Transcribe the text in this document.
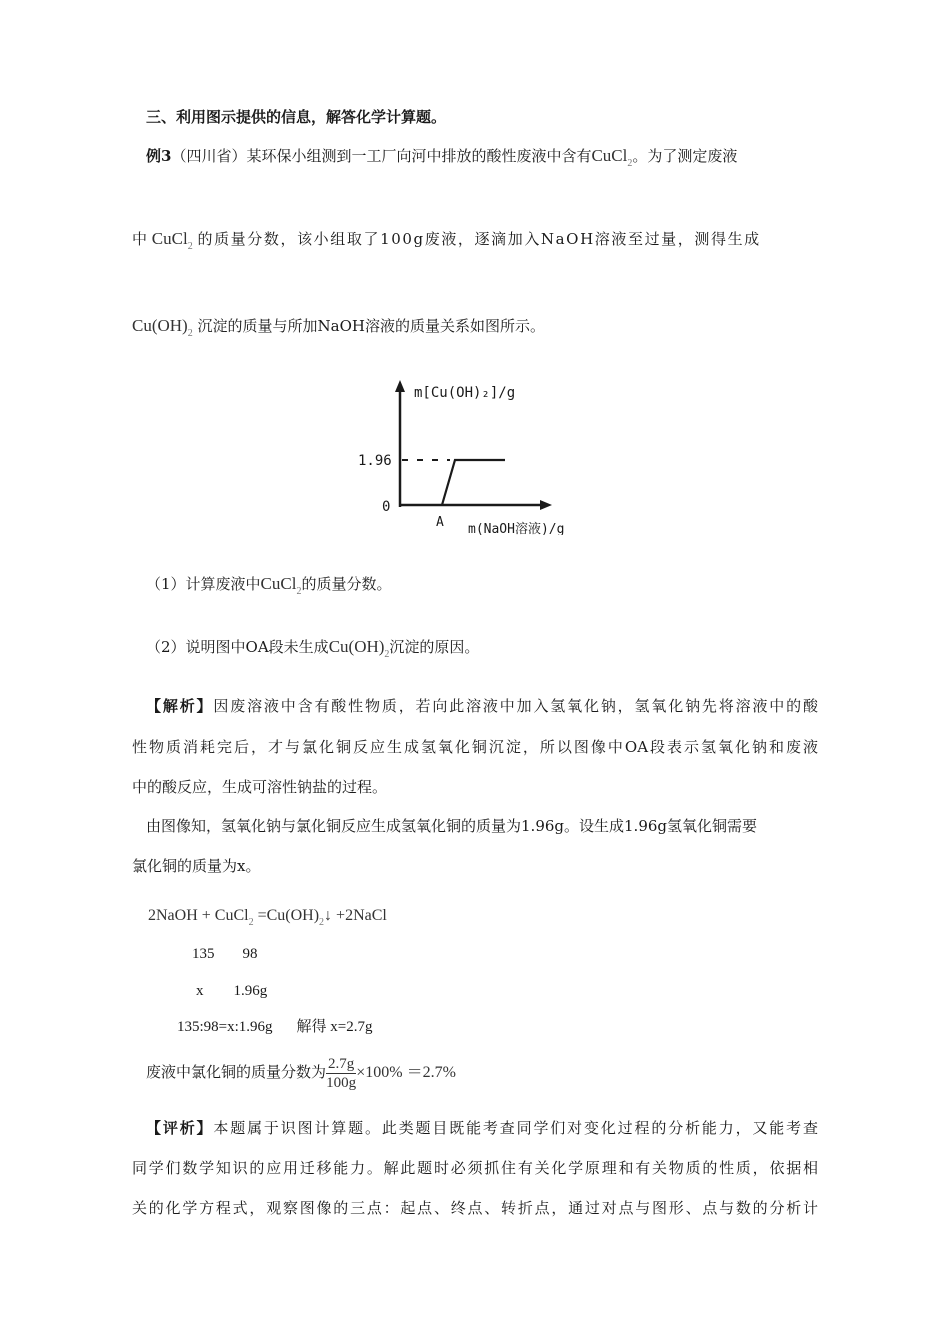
三、利用图示提供的信息，解答化学计算题。
例3（四川省）某环保小组测到一工厂向河中排放的酸性废液中含有CuCl$_2$。为了测定废液
中 CuCl$_2$ 的质量分数，该小组取了100g废液，逐滴加入NaOH溶液至过量，测得生成
$Cu(OH)_2$ 沉淀的质量与所加NaOH溶液的质量关系如图所示。
m[Cu(OH)₂]/g
1.96
0
A m(NaOH溶液)/g
（1）计算废液中CuCl$_2$的质量分数。
（2）说明图中OA段未生成$Cu(OH)_2$沉淀的原因。
【解析】因废溶液中含有酸性物质，若向此溶液中加入氢氧化钠，氢氧化钠先将溶液中的酸
性物质消耗完后，才与氯化铜反应生成氢氧化铜沉淀，所以图像中OA段表示氢氧化钠和废液
中的酸反应，生成可溶性钠盐的过程。
由图像知，氢氧化钠与氯化铜反应生成氢氧化铜的质量为1.96g。设生成1.96g氢氧化铜需要
氯化铜的质量为x。
2NaOH + CuCl$_2$ $=Cu(OH)_2↓$ +2NaCl
135 98
x 1.96g
135:98=x:1.96g 解得 x=2.7g
废液中氯化铜的质量分数为 $\frac{2.7g}{100g} \times 100\% =2.7\%$
【评析】本题属于识图计算题。此类题目既能考查同学们对变化过程的分析能力，又能考查
同学们数学知识的应用迁移能力。解此题时必须抓住有关化学原理和有关物质的性质，依据相
关的化学方程式，观察图像的三点：起点、终点、转折点，通过对点与图形、点与数的分析计
